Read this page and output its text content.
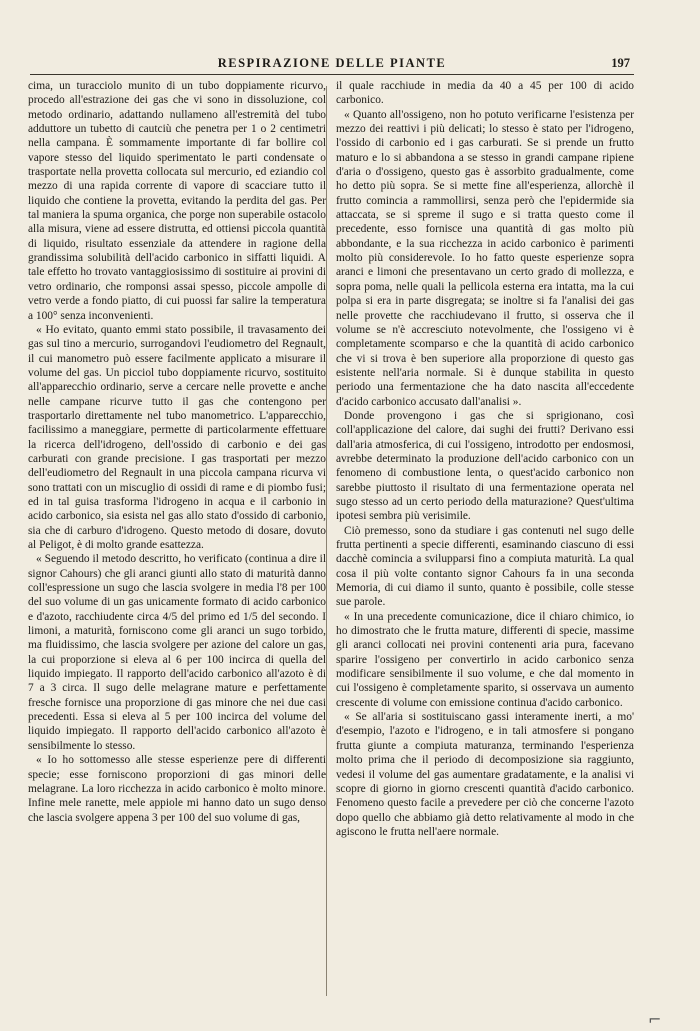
RESPIRAZIONE DELLE PIANTE	197

cima, un turacciolo munito di un tubo doppiamente ricurvo, procedo all'estrazione dei gas che vi sono in dissoluzione, col metodo ordinario, adattando nullameno all'estremità del tubo adduttore un tubetto di cautciù che penetra per 1 o 2 centimetri nella campana. È sommamente importante di far bollire col vapore stesso del liquido sperimentato le parti condensate o trasportate nella provetta collocata sul mercurio, ed eziandio col mezzo di una rapida corrente di vapore di scacciare tutto il liquido che contiene la provetta, evitando la perdita del gas. Per tal maniera la spuma organica, che porge non superabile ostacolo alla misura, viene ad essere distrutta, ed ottiensi piccola quantità di liquido, risultato essenziale da attendere in ragione della grandissima solubilità dell'acido carbonico in siffatti liquidi. A tale effetto ho trovato vantaggiosissimo di sostituire ai provini di vetro ordinario, che romponsi assai spesso, piccole ampolle di vetro verde a fondo piatto, di cui puossi far salire la temperatura a 100° senza inconvenienti.

« Ho evitato, quanto emmi stato possibile, il travasamento dei gas sul tino a mercurio, surrogandovi l'eudiometro del Regnault, il cui manometro può essere facilmente applicato a misurare il volume del gas. Un picciol tubo doppiamente ricurvo, sostituito all'apparecchio ordinario, serve a cercare nelle provette e anche nelle campane ricurve tutto il gas che contengono per trasportarlo direttamente nel tubo manometrico. L'apparecchio, facilissimo a maneggiare, permette di particolarmente effettuare la ricerca dell'idrogeno, dell'ossido di carbonio e dei gas carburati con grande precisione. I gas trasportati per mezzo dell'eudiometro del Regnault in una piccola campana ricurva vi sono trattati con un miscuglio di ossidi di rame e di piombo fusi; ed in tal guisa trasforma l'idrogeno in acqua e il carbonio in acido carbonico, sia esista nel gas allo stato d'ossido di carbonio, sia che di carburo d'idrogeno. Questo metodo di dosare, dovuto al Peligot, è di molto grande esattezza.

« Seguendo il metodo descritto, ho verificato (continua a dire il signor Cahours) che gli aranci giunti allo stato di maturità danno coll'espressione un sugo che lascia svolgere in media l'8 per 100 del suo volume di un gas unicamente formato di acido carbonico e d'azoto, racchiudente circa 4/5 del primo ed 1/5 del secondo. I limoni, a maturità, forniscono come gli aranci un sugo torbido, ma fluidissimo, che lascia svolgere per azione del calore un gas, la cui proporzione si eleva al 6 per 100 incirca di quella del liquido impiegato. Il rapporto dell'acido carbonico all'azoto è di 7 a 3 circa. Il sugo delle melagrane mature e perfettamente fresche fornisce una proporzione di gas minore che nei due casi precedenti. Essa si eleva al 5 per 100 incirca del volume del liquido impiegato. Il rapporto dell'acido carbonico all'azoto è sensibilmente lo stesso.

« Io ho sottomesso alle stesse esperienze pere di differenti specie; esse forniscono proporzioni di gas minori delle melagrane. La loro ricchezza in acido carbonico è molto minore. Infine mele ranette, mele appiole mi hanno dato un sugo denso che lascia svolgere appena 3 per 100 del suo volume di gas,

il quale racchiude in media da 40 a 45 per 100 di acido carbonico.

« Quanto all'ossigeno, non ho potuto verificarne l'esistenza per mezzo dei reattivi i più delicati; lo stesso è stato per l'idrogeno, l'ossido di carbonio ed i gas carburati. Se si prende un frutto maturo e lo si abbandona a se stesso in grandi campane ripiene d'aria o d'ossigeno, questo gas è assorbito gradualmente, come ho detto più sopra. Se si mette fine all'esperienza, allorchè il frutto comincia a rammollirsi, senza però che l'epidermide sia attaccata, se si spreme il sugo e si tratta questo come il precedente, esso fornisce una quantità di gas molto più abbondante, e la sua ricchezza in acido carbonico è parimenti molto più considerevole. Io ho fatto queste esperienze sopra aranci e limoni che presentavano un certo grado di mollezza, e sopra poma, nelle quali la pellicola esterna era intatta, ma la cui polpa si era in parte disgregata; se inoltre si fa l'analisi dei gas nelle provette che racchiudevano il frutto, si osserva che il volume se n'è accresciuto notevolmente, che l'ossigeno vi è completamente scomparso e che la quantità di acido carbonico che vi si trova è ben superiore alla proporzione di questo gas esistente nell'aria normale. Si è dunque stabilita in questo periodo una fermentazione che ha dato nascita all'eccedente d'acido carbonico accusato dall'analisi ».

Donde provengono i gas che si sprigionano, così coll'applicazione del calore, dai sughi dei frutti? Derivano essi dall'aria atmosferica, di cui l'ossigeno, introdotto per endosmosi, avrebbe determinato la produzione dell'acido carbonico con un fenomeno di combustione lenta, o quest'acido carbonico non sarebbe piuttosto il risultato di una fermentazione operata nel sugo stesso ad un certo periodo della maturazione? Quest'ultima ipotesi sembra più verisimile.

Ciò premesso, sono da studiare i gas contenuti nel sugo delle frutta pertinenti a specie differenti, esaminando ciascuno di essi dacchè comincia a svilupparsi fino a compiuta maturità. La qual cosa il più volte contanto signor Cahours fa in una seconda Memoria, di cui diamo il sunto, quanto è possibile, colle stesse sue parole.

« In una precedente comunicazione, dice il chiaro chimico, io ho dimostrato che le frutta mature, differenti di specie, massime gli aranci collocati nei provini contenenti aria pura, facevano sparire l'ossigeno per convertirlo in acido carbonico senza modificare sensibilmente il suo volume, e che dal momento in cui l'ossigeno è completamente sparito, si osservava un aumento crescente di volume con emissione continua d'acido carbonico.

« Se all'aria si sostituiscano gassi interamente inerti, a mo' d'esempio, l'azoto e l'idrogeno, e in tali atmosfere si pongano frutta giunte a compiuta maturanza, terminando l'esperienza molto prima che il periodo di decomposizione sia raggiunto, vedesi il volume del gas aumentare gradatamente, e la analisi vi scopre di giorno in giorno crescenti quantità d'acido carbonico. Fenomeno questo facile a prevedere per ciò che concerne l'azoto dopo quello che abbiamo già detto relativamente al modo in che agiscono le frutta nell'aere normale.

⌐
